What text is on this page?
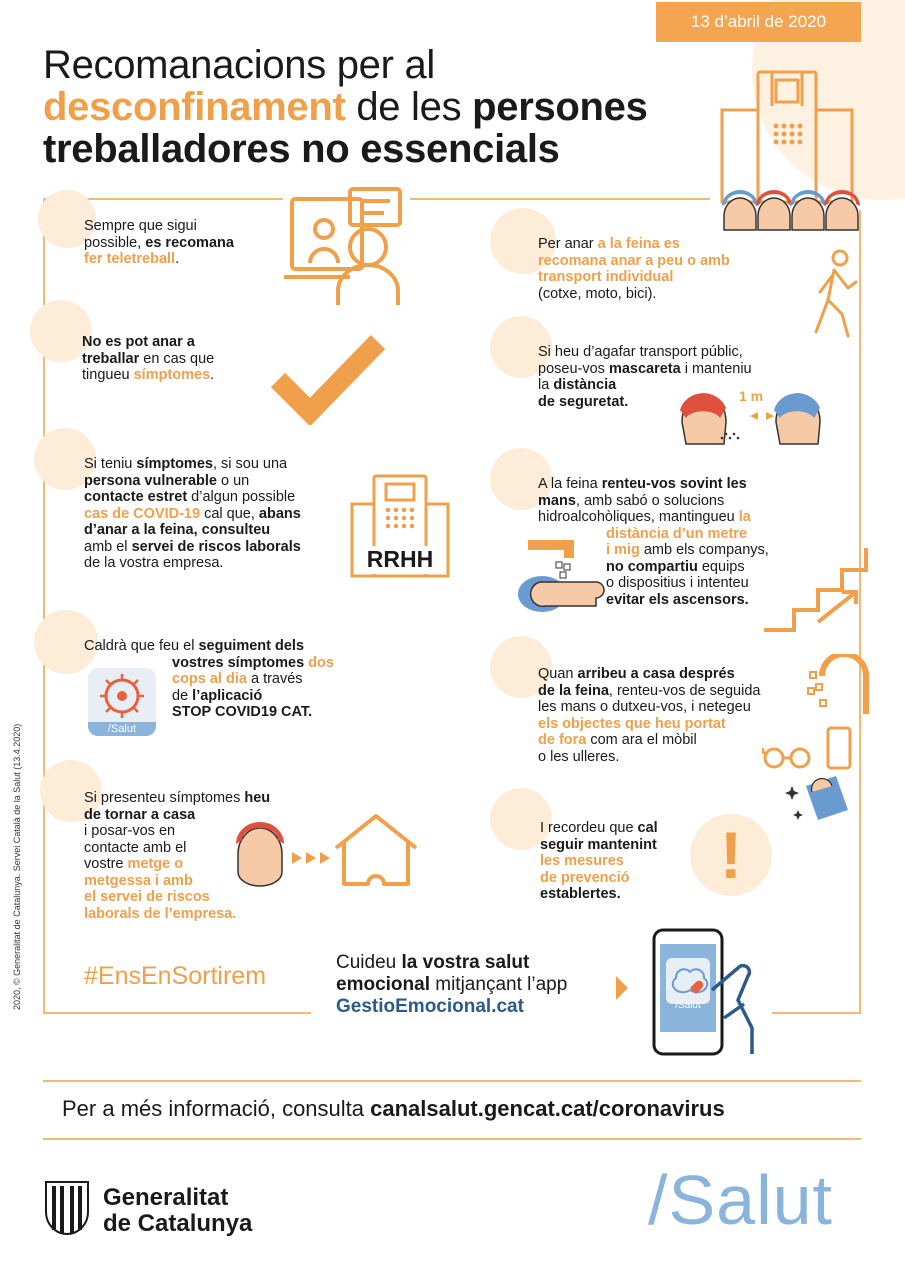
13 d’abril de 2020
Recomanacions per al
desconfinament de les persones
treballadores no essencials
Sempre que sigui
possible, es recomana
fer teletreball.
No es pot anar a
treballar en cas que
tingueu símptomes.
Si teniu símptomes, si sou una
persona vulnerable o un
contacte estret d’algun possible
cas de COVID-19 cal que, abans
d’anar a la feina, consulteu
amb el servei de riscos laborals
de la vostra empresa.	RRHH
Caldrà que feu el seguiment dels
vostres símptomes dos
cops al dia a través
de l’aplicació
STOP COVID19 CAT.
/Salut
Si presenteu símptomes heu
de tornar a casa
i posar-vos en
contacte amb el
vostre metge o
metgessa i amb
el servei de riscos
laborals de l’empresa.
Per anar a la feina es
recomana anar a peu o amb
transport individual
(cotxe, moto, bici).
Si heu d’agafar transport públic,
poseu-vos mascareta i manteniu
la distància
de seguretat.	1 m
A la feina renteu-vos sovint les
mans, amb sabó o solucions
hidroalcohòliques, mantingueu la
distància d’un metre
i mig amb els companys,
no compartiu equips
o dispositius i intenteu
evitar els ascensors.
Quan arribeu a casa després
de la feina, renteu-vos de seguida
les mans o dutxeu-vos, i netegeu
els objectes que heu portat
de fora com ara el mòbil
o les ulleres.
I recordeu que cal
seguir mantenint
les mesures
de prevenció
establertes.
!
#EnsEnSortirem	Cuideu la vostra salut
emocional mitjançant l’app
GestioEmocional.cat	/Salut
2020, © Generalitat de Catalunya. Servei Català de la Salut (13.4.2020)
Per a més informació, consulta canalsalut.gencat.cat/coronavirus
Generalitat
de Catalunya	/Salut
